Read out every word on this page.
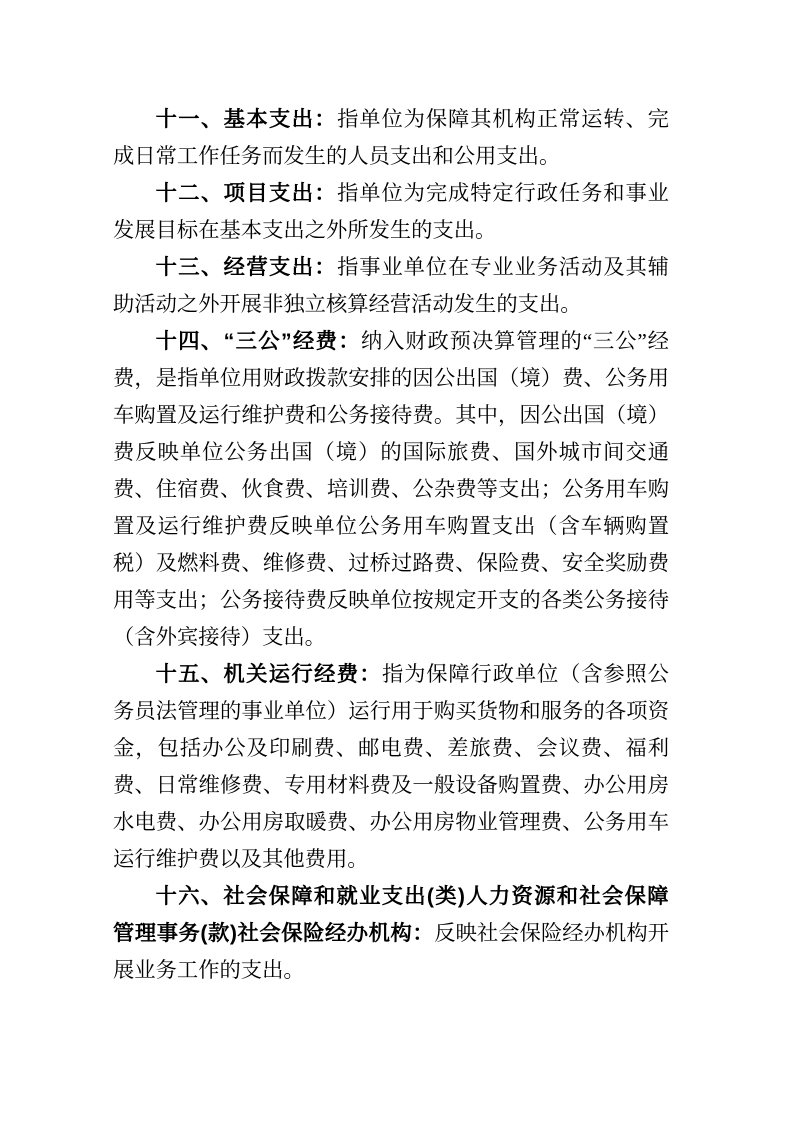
十一、基本支出：指单位为保障其机构正常运转、完成日常工作任务而发生的人员支出和公用支出。

十二、项目支出：指单位为完成特定行政任务和事业发展目标在基本支出之外所发生的支出。

十三、经营支出：指事业单位在专业业务活动及其辅助活动之外开展非独立核算经营活动发生的支出。

十四、“三公”经费：纳入财政预决算管理的“三公”经费，是指单位用财政拨款安排的因公出国（境）费、公务用车购置及运行维护费和公务接待费。其中，因公出国（境）费反映单位公务出国（境）的国际旅费、国外城市间交通费、住宿费、伙食费、培训费、公杂费等支出；公务用车购置及运行维护费反映单位公务用车购置支出（含车辆购置税）及燃料费、维修费、过桥过路费、保险费、安全奖励费用等支出；公务接待费反映单位按规定开支的各类公务接待（含外宾接待）支出。

十五、机关运行经费：指为保障行政单位（含参照公务员法管理的事业单位）运行用于购买货物和服务的各项资金，包括办公及印刷费、邮电费、差旅费、会议费、福利费、日常维修费、专用材料费及一般设备购置费、办公用房水电费、办公用房取暖费、办公用房物业管理费、公务用车运行维护费以及其他费用。

十六、社会保障和就业支出(类)人力资源和社会保障管理事务(款)社会保险经办机构：反映社会保险经办机构开展业务工作的支出。
